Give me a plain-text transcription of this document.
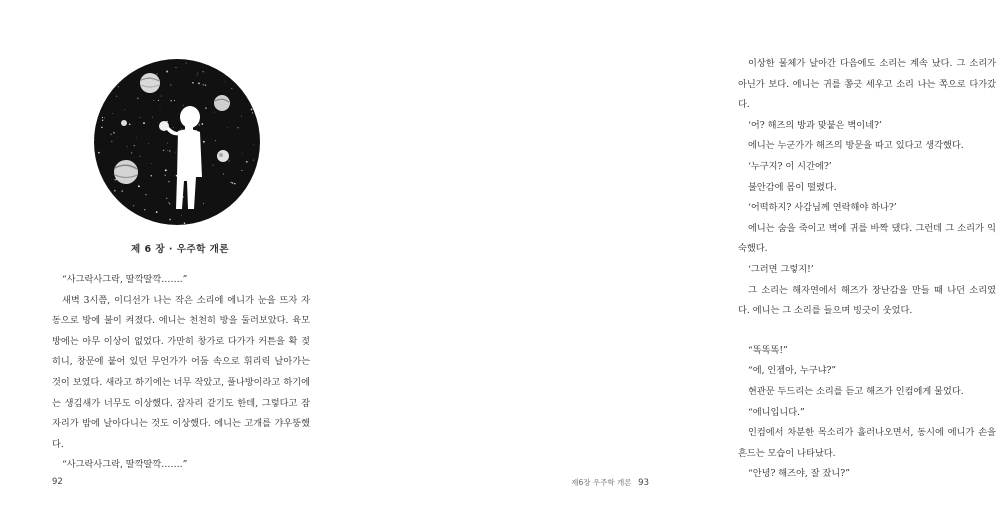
제 6 장 · 우주학 개론

“사그락사그락, 딸깍딸깍…….”

새벽 3시쯤, 이디선가 나는 작은 소리에 에니가 눈을 뜨자 자동으로 방에 불이 켜졌다. 에니는 천천히 방을 둘러보았다. 육모방에는 아무 이상이 없었다. 가만히 창가로 다가가 커튼을 확 젖히니, 창문에 붙어 있던 무언가가 어둠 속으로 휘리릭 날아가는 것이 보였다. 새라고 하기에는 너무 작았고, 풀나방이라고 하기에는 생김새가 너무도 이상했다. 잠자리 같기도 한데, 그렇다고 잠자리가 밤에 날아다니는 것도 이상했다. 에니는 고개를 갸우뚱했다.

“사그락사그락, 딸깍딸깍…….”

92

이상한 물체가 날아간 다음에도 소리는 계속 났다. 그 소리가 아닌가 보다. 에니는 귀를 쫑긋 세우고 소리 나는 쪽으로 다가갔다.

‘어? 해즈의 방과 맞붙은 벽이네?’

에니는 누군가가 해즈의 방문을 따고 있다고 생각했다.

‘누구지? 이 시간에?’

불안감에 몸이 떨렸다.

‘어떡하지? 사감님께 연락해야 하나?’

에니는 숨을 죽이고 벽에 귀를 바짝 댔다. 그런데 그 소리가 익숙했다.

‘그러면 그렇지!’

그 소리는 해자연에서 해즈가 장난감을 만들 때 나던 소리였다. 에니는 그 소리를 들으며 빙긋이 웃었다.

“똑똑똑!”

“에, 인젬아, 누구냐?”

현관문 두드리는 소리를 듣고 해즈가 인컴에게 물었다.

“에니입니다.”

인컴에서 차분한 목소리가 흘러나오면서, 동시에 에니가 손을 흔드는 모습이 나타났다.

“안녕? 해즈야, 잘 잤니?”

제6장 우주학 개론 93
